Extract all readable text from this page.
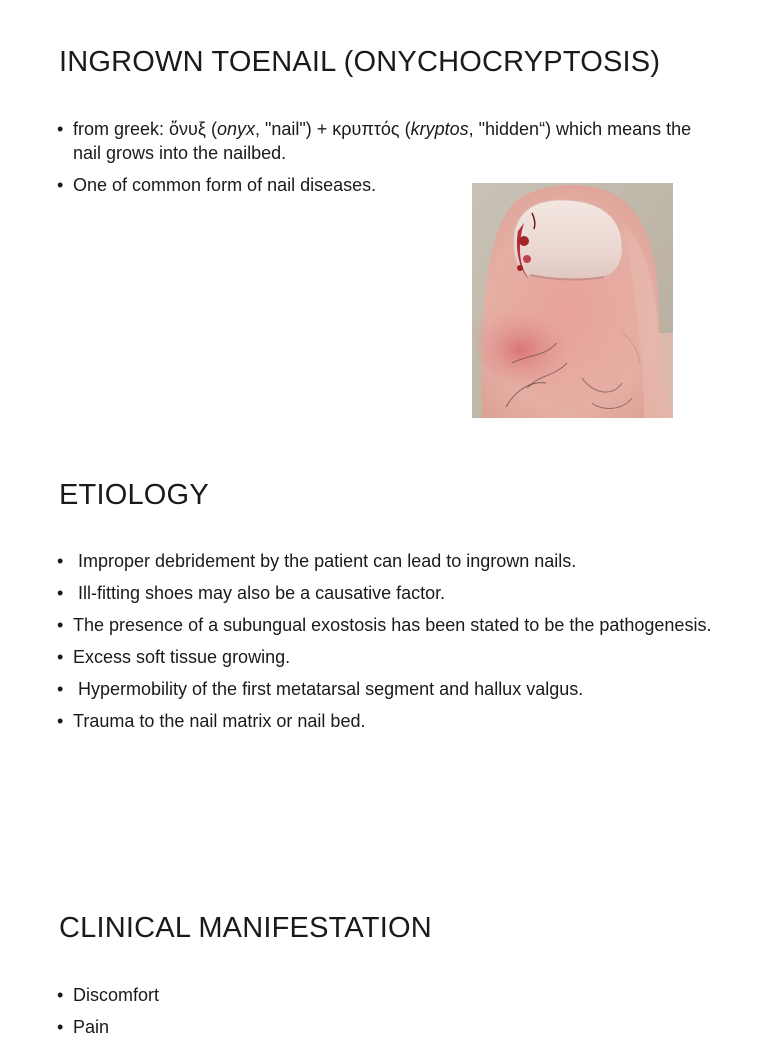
INGROWN TOENAIL (ONYCHOCRYPTOSIS)
• from greek: ὄνυξ (onyx, "nail") + κρυπτός (kryptos, "hidden“) which means the nail grows into the nailbed.
• One of common form of nail diseases.
ETIOLOGY
• Improper debridement by the patient can lead to ingrown nails.
• Ill-fitting shoes may also be a causative factor.
• The presence of a subungual exostosis has been stated to be the pathogenesis.
• Excess soft tissue growing.
• Hypermobility of the first metatarsal segment and hallux valgus.
• Trauma to the nail matrix or nail bed.
CLINICAL MANIFESTATION
• Discomfort
• Pain
